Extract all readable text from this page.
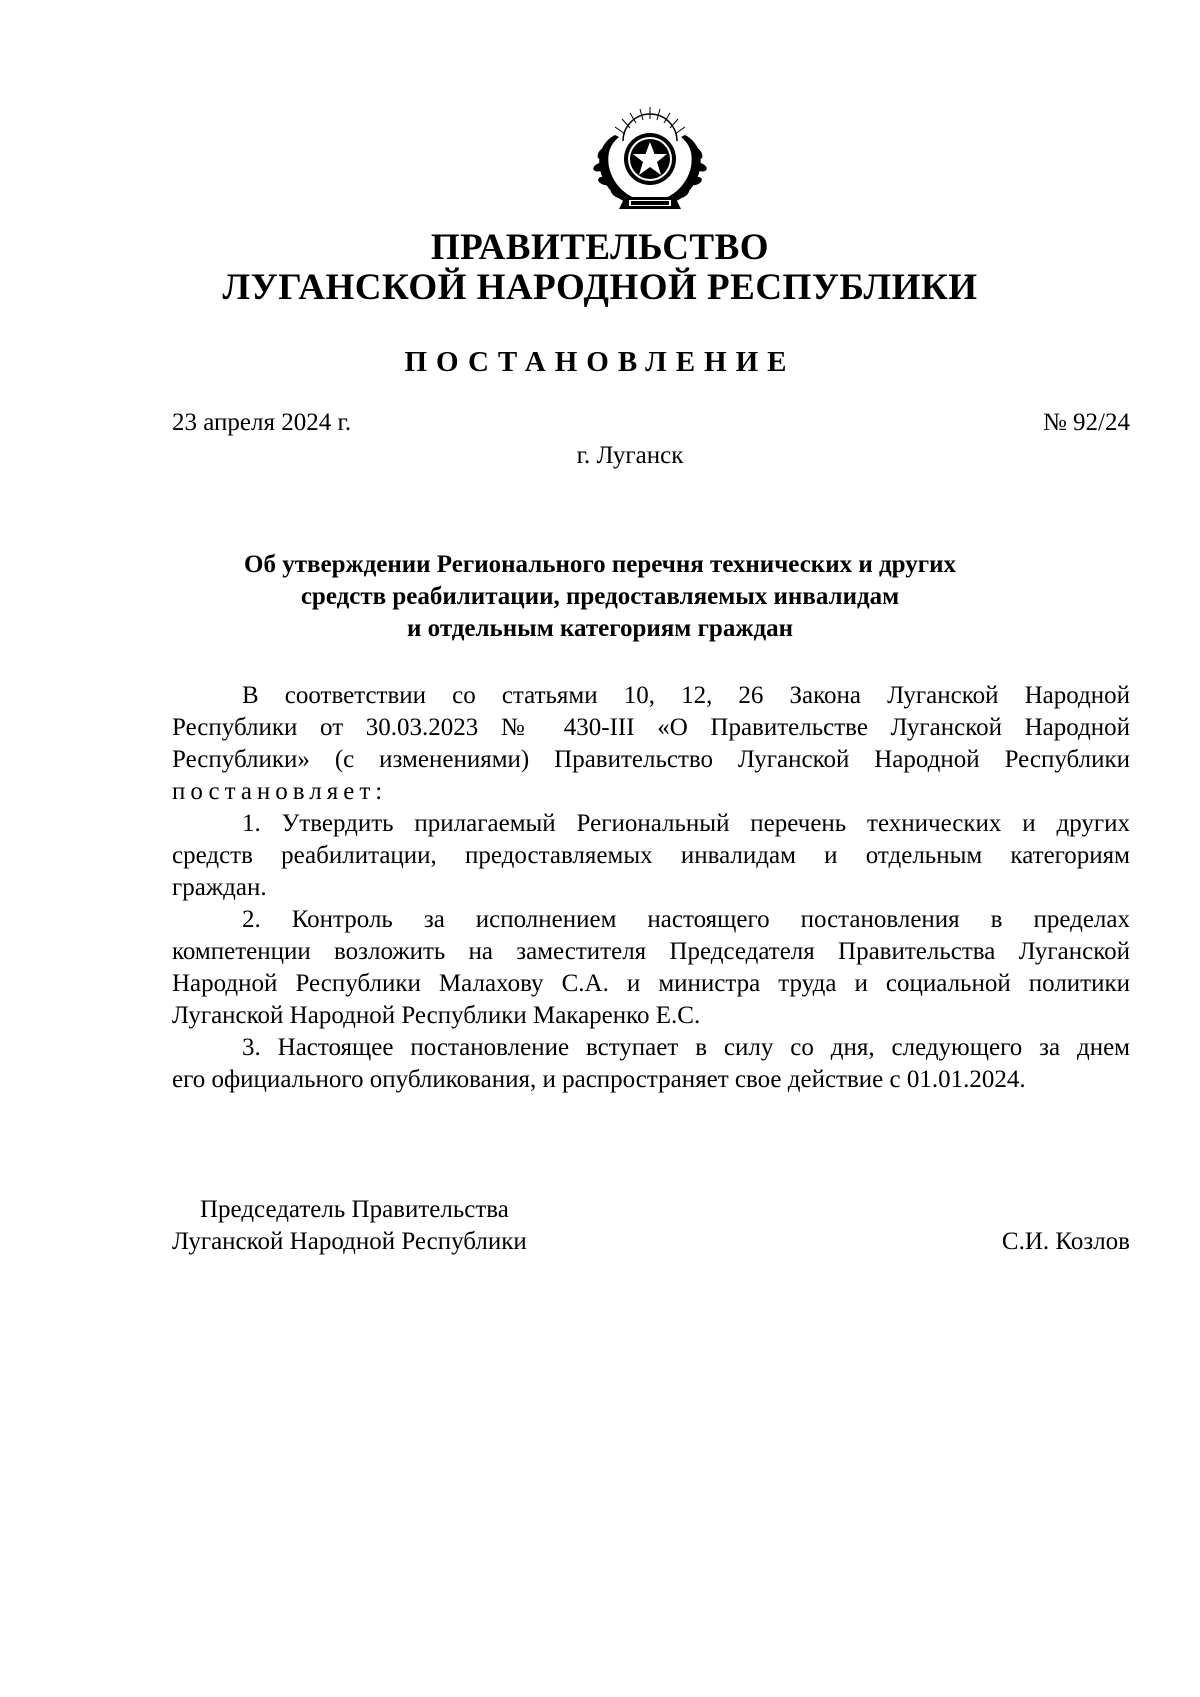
ПРАВИТЕЛЬСТВО
ЛУГАНСКОЙ НАРОДНОЙ РЕСПУБЛИКИ
ПОСТАНОВЛЕНИЕ
23 апреля 2024 г.	№ 92/24
г. Луганск
Об утверждении Регионального перечня технических и других
средств реабилитации, предоставляемых инвалидам
и отдельным категориям граждан
В соответствии со статьями 10, 12, 26 Закона Луганской Народной
Республики от 30.03.2023 № 430-III «О Правительстве Луганской Народной
Республики» (с изменениями) Правительство Луганской Народной Республики
постановляет:
1. Утвердить прилагаемый Региональный перечень технических и других
средств реабилитации, предоставляемых инвалидам и отдельным категориям
граждан.
2. Контроль за исполнением настоящего постановления в пределах
компетенции возложить на заместителя Председателя Правительства Луганской
Народной Республики Малахову С.А. и министра труда и социальной политики
Луганской Народной Республики Макаренко Е.С.
3. Настоящее постановление вступает в силу со дня, следующего за днем
его официального опубликования, и распространяет свое действие с 01.01.2024.
Председатель Правительства
Луганской Народной Республики	С.И. Козлов
